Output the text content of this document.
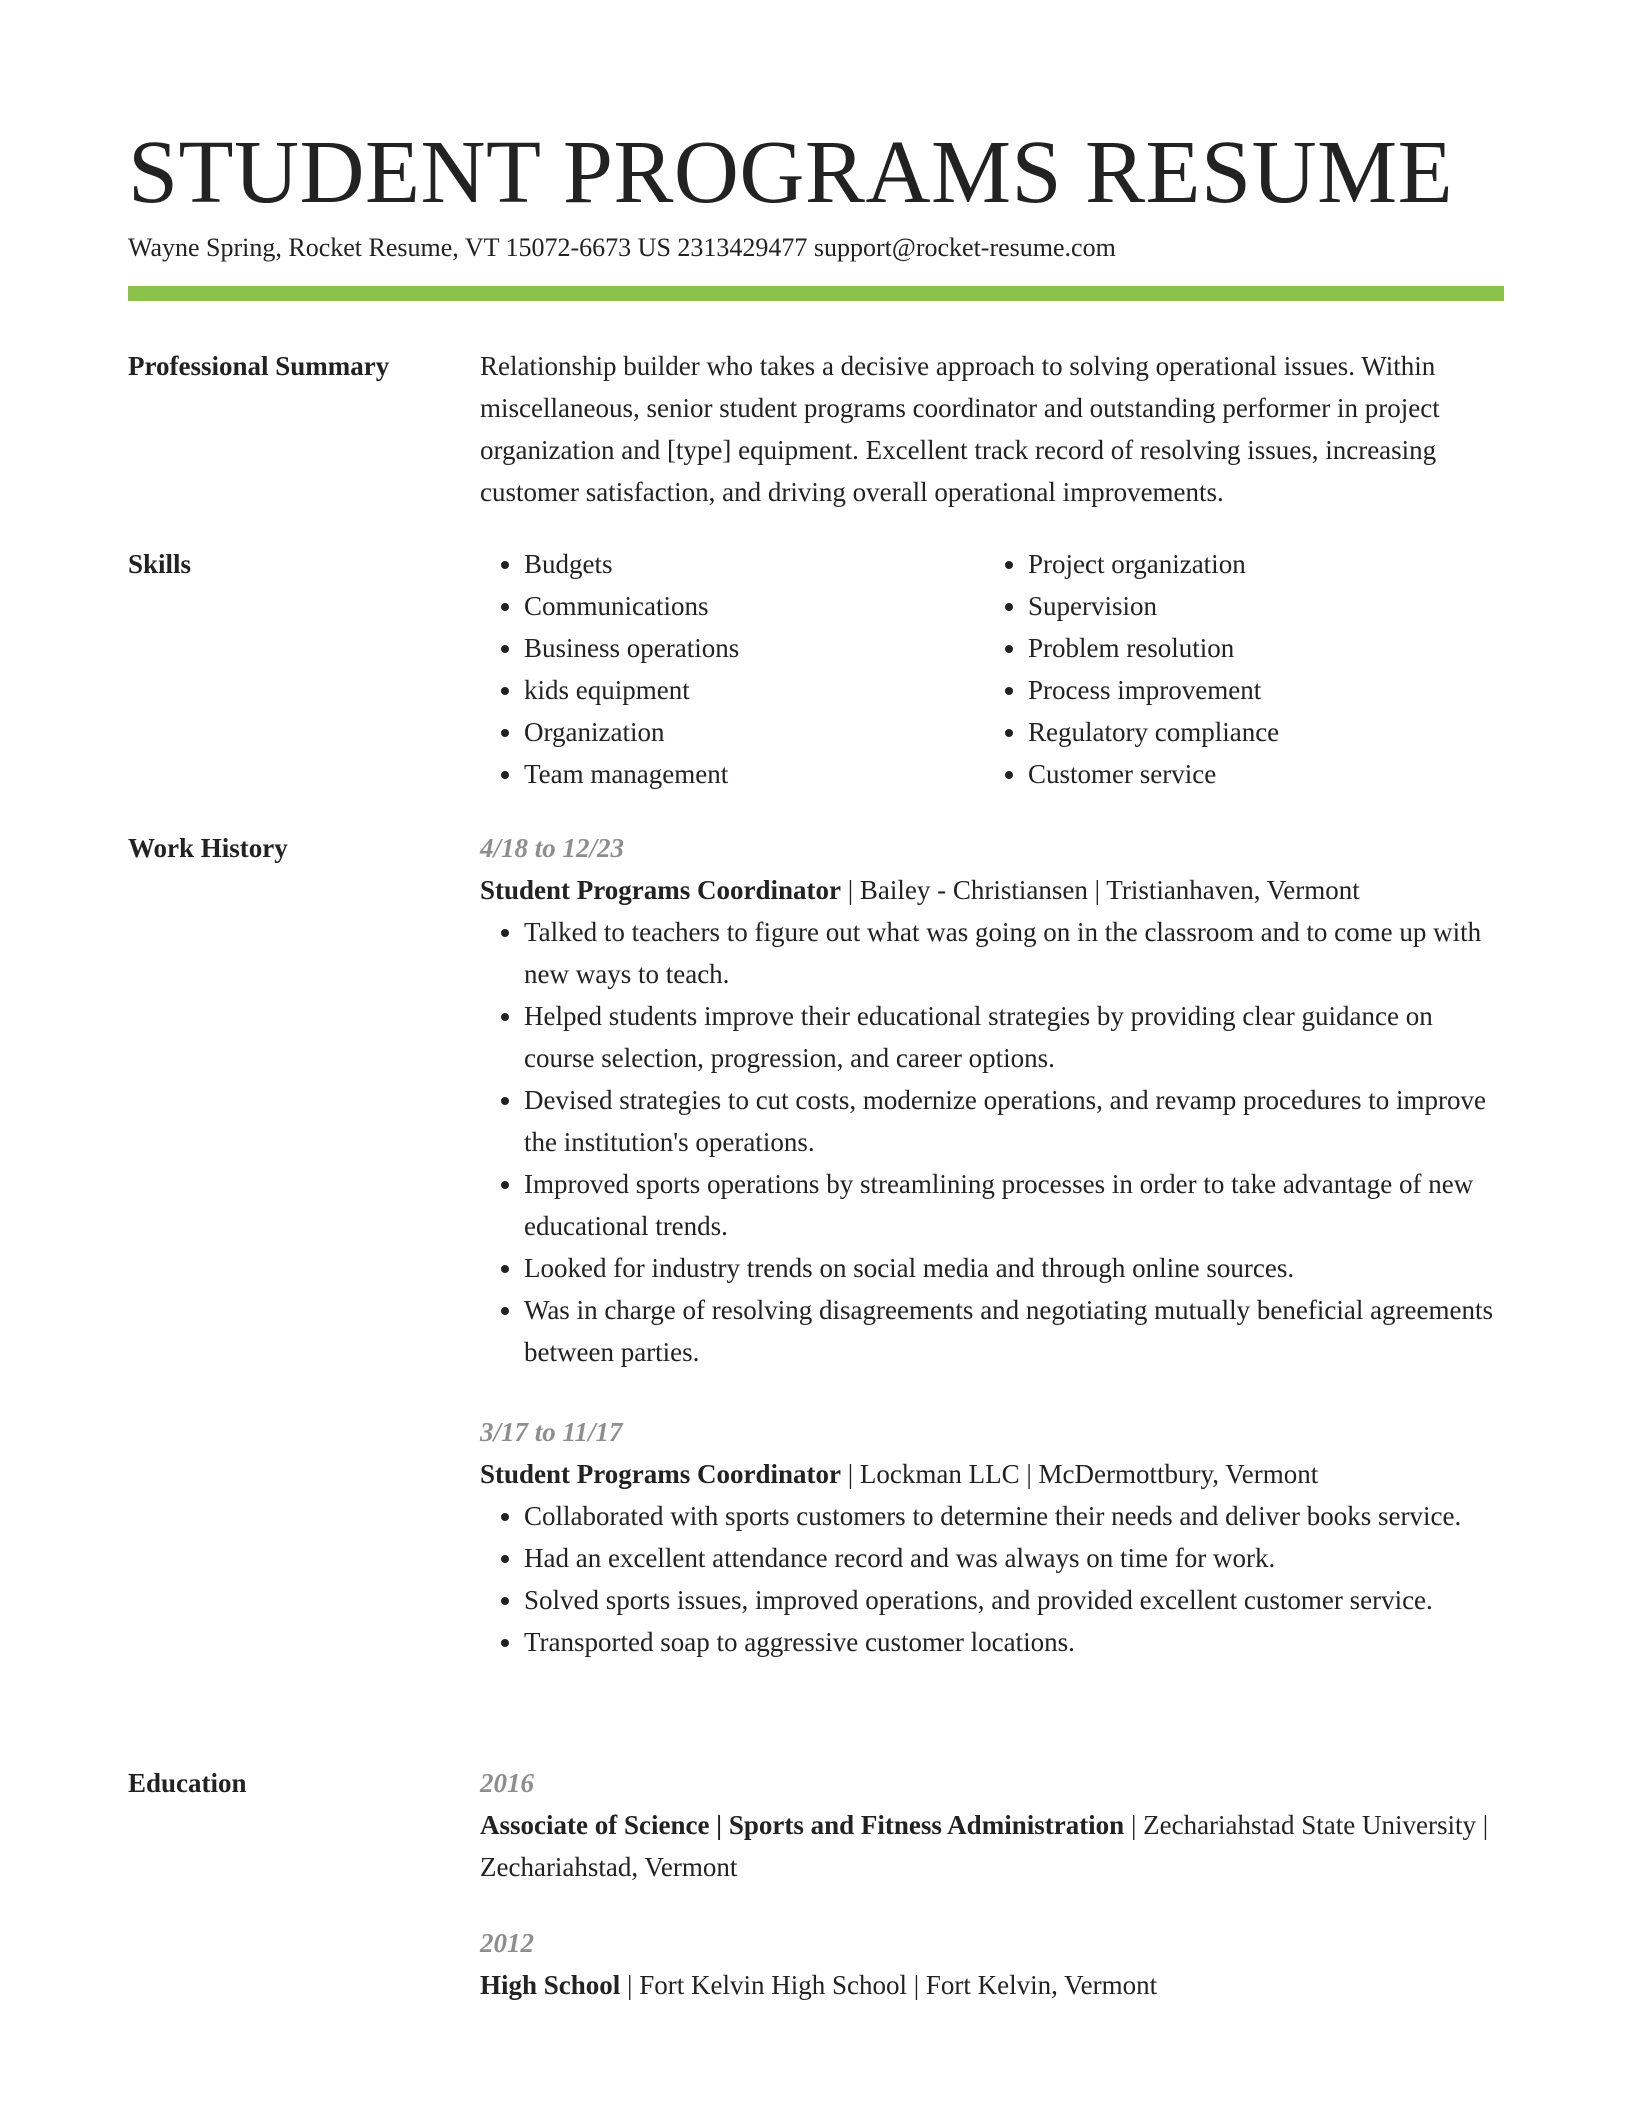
STUDENT PROGRAMS RESUME
Wayne Spring, Rocket Resume, VT 15072-6673 US 2313429477 support@rocket-resume.com
Professional Summary	Relationship builder who takes a decisive approach to solving operational issues. Within miscellaneous, senior student programs coordinator and outstanding performer in project organization and [type] equipment. Excellent track record of resolving issues, increasing customer satisfaction, and driving overall operational improvements.

Skills
•	Budgets
• Communications
• Business operations
• kids equipment
• Organization
• Team management
• Project organization
• Supervision
• Problem resolution
• Process improvement
• Regulatory compliance
• Customer service
Work History	4/18 to 12/23

Student Programs Coordinator | Bailey - Christiansen | Tristianhaven, Vermont

• Talked to teachers to figure out what was going on in the classroom and to come up with new ways to teach.
• Helped students improve their educational strategies by providing clear guidance on course selection, progression, and career options.
• Devised strategies to cut costs, modernize operations, and revamp procedures to improve the institution's operations.
• Improved sports operations by streamlining processes in order to take advantage of new educational trends.
• Looked for industry trends on social media and through online sources.
• Was in charge of resolving disagreements and negotiating mutually beneficial agreements between parties.
3/17 to 11/17

Student Programs Coordinator | Lockman LLC | McDermottbury, Vermont

• Collaborated with sports customers to determine their needs and deliver books service.
• Had an excellent attendance record and was always on time for work.
• Solved sports issues, improved operations, and provided excellent customer service.
• Transported soap to aggressive customer locations.
Education	2016

Associate of Science | Sports and Fitness Administration | Zechariahstad State University | Zechariahstad, Vermont

2012

High School | Fort Kelvin High School | Fort Kelvin, Vermont
